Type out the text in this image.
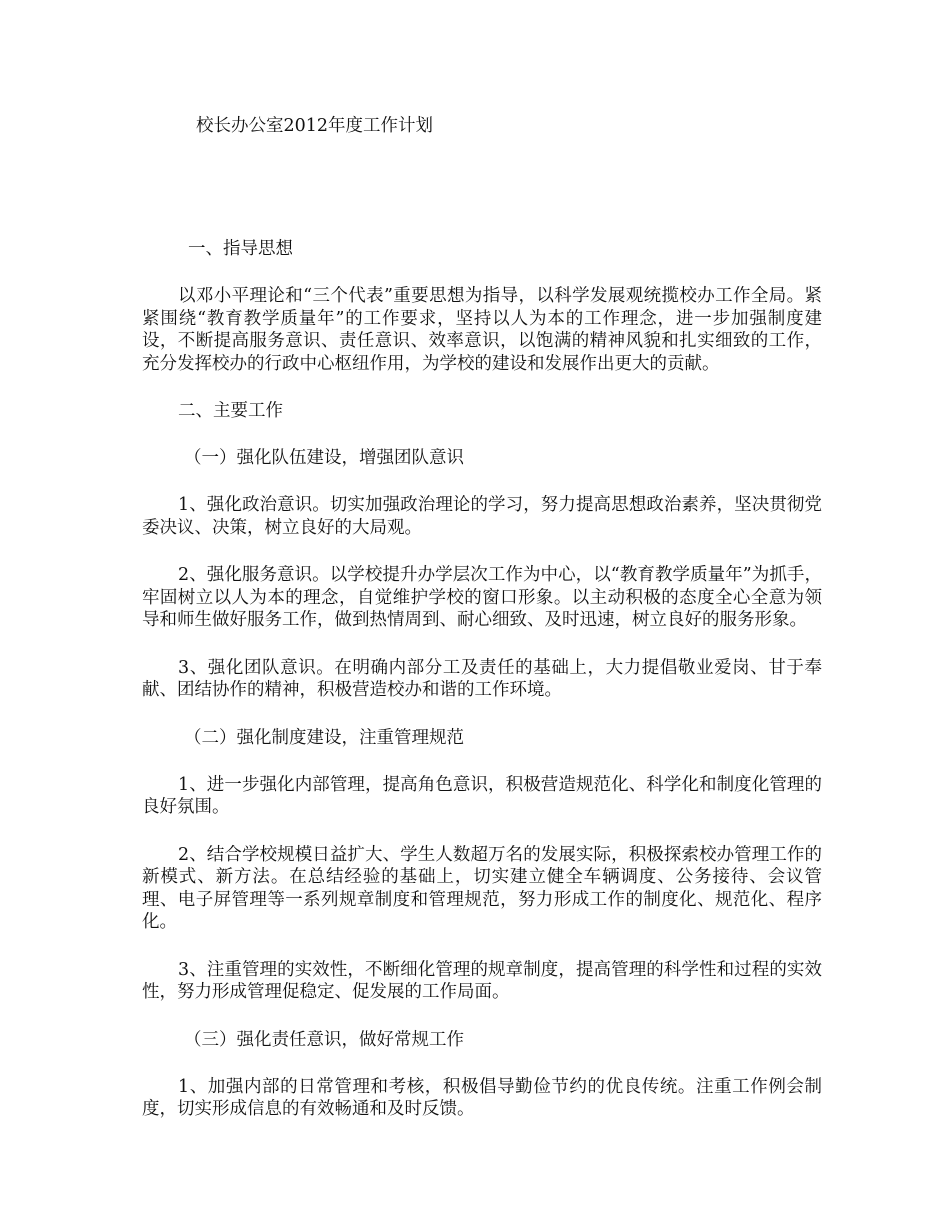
校长办公室2012年度工作计划
一、指导思想

以邓小平理论和“三个代表”重要思想为指导，以科学发展观统揽校办工作全局。紧紧围绕“教育教学质量年”的工作要求，坚持以人为本的工作理念，进一步加强制度建设，不断提高服务意识、责任意识、效率意识，以饱满的精神风貌和扎实细致的工作，充分发挥校办的行政中心枢纽作用，为学校的建设和发展作出更大的贡献。

二、主要工作
（一）强化队伍建设，增强团队意识

1、强化政治意识。切实加强政治理论的学习，努力提高思想政治素养，坚决贯彻党委决议、决策，树立良好的大局观。

2、强化服务意识。以学校提升办学层次工作为中心，以“教育教学质量年”为抓手，牢固树立以人为本的理念，自觉维护学校的窗口形象。以主动积极的态度全心全意为领导和师生做好服务工作，做到热情周到、耐心细致、及时迅速，树立良好的服务形象。

3、强化团队意识。在明确内部分工及责任的基础上，大力提倡敬业爱岗、甘于奉献、团结协作的精神，积极营造校办和谐的工作环境。

（二）强化制度建设，注重管理规范

1、进一步强化内部管理，提高角色意识，积极营造规范化、科学化和制度化管理的良好氛围。

2、结合学校规模日益扩大、学生人数超万名的发展实际，积极探索校办管理工作的新模式、新方法。在总结经验的基础上，切实建立健全车辆调度、公务接待、会议管理、电子屏管理等一系列规章制度和管理规范，努力形成工作的制度化、规范化、程序化。

3、注重管理的实效性，不断细化管理的规章制度，提高管理的科学性和过程的实效性，努力形成管理促稳定、促发展的工作局面。

（三）强化责任意识，做好常规工作

1、加强内部的日常管理和考核，积极倡导勤俭节约的优良传统。注重工作例会制度，切实形成信息的有效畅通和及时反馈。
